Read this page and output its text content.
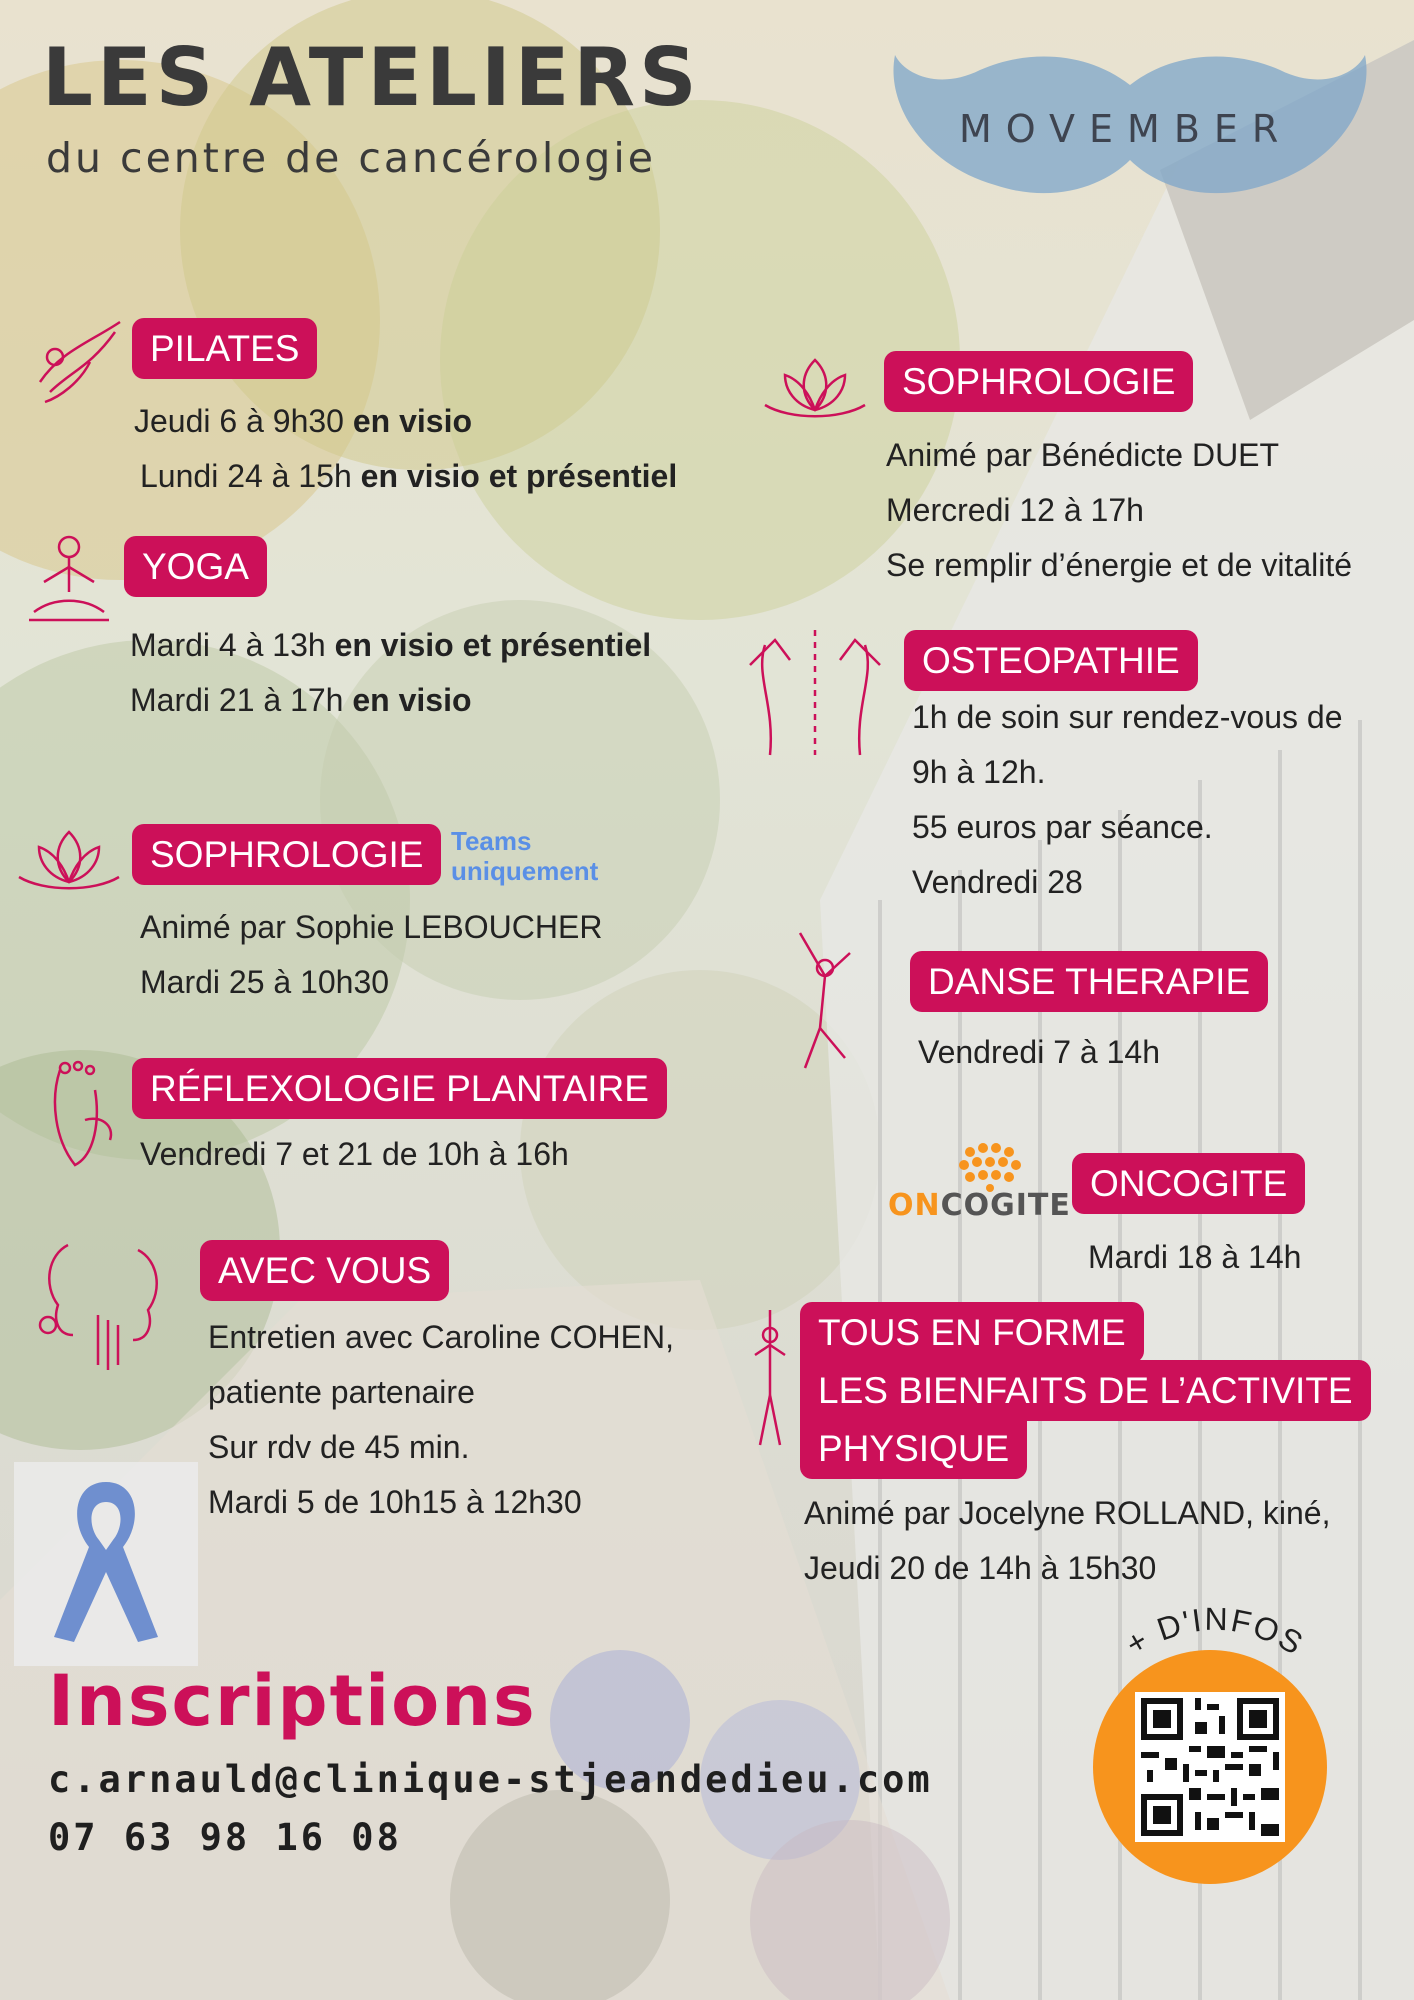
LES ATELIERS
du centre de cancérologie
MOVEMBER
PILATES
Jeudi 6 à 9h30 en visio
Lundi 24 à 15h en visio et présentiel
YOGA
Mardi 4 à 13h en visio et présentiel
Mardi 21 à 17h en visio
SOPHROLOGIE	Teams uniquement
Animé par Sophie LEBOUCHER
Mardi 25 à 10h30
RÉFLEXOLOGIE PLANTAIRE
Vendredi 7 et 21 de 10h à 16h
AVEC VOUS
Entretien avec Caroline COHEN,
patiente partenaire
Sur rdv de 45 min.
Mardi 5 de 10h15 à 12h30
SOPHROLOGIE
Animé par Bénédicte DUET
Mercredi 12 à 17h
Se remplir d’énergie et de vitalité
OSTEOPATHIE
1h de soin sur rendez-vous de
9h à 12h.
55 euros par séance.
Vendredi 28
DANSE THERAPIE
Vendredi 7 à 14h
ONCOGITE
ONCOGITE
Mardi 18 à 14h
TOUS EN FORME
LES BIENFAITS DE L’ACTIVITE
PHYSIQUE
Animé par Jocelyne ROLLAND, kiné,
Jeudi 20 de 14h à 15h30
Inscriptions
c.arnauld@clinique-stjeandedieu.com
07 63 98 16 08
+ D'INFOS
